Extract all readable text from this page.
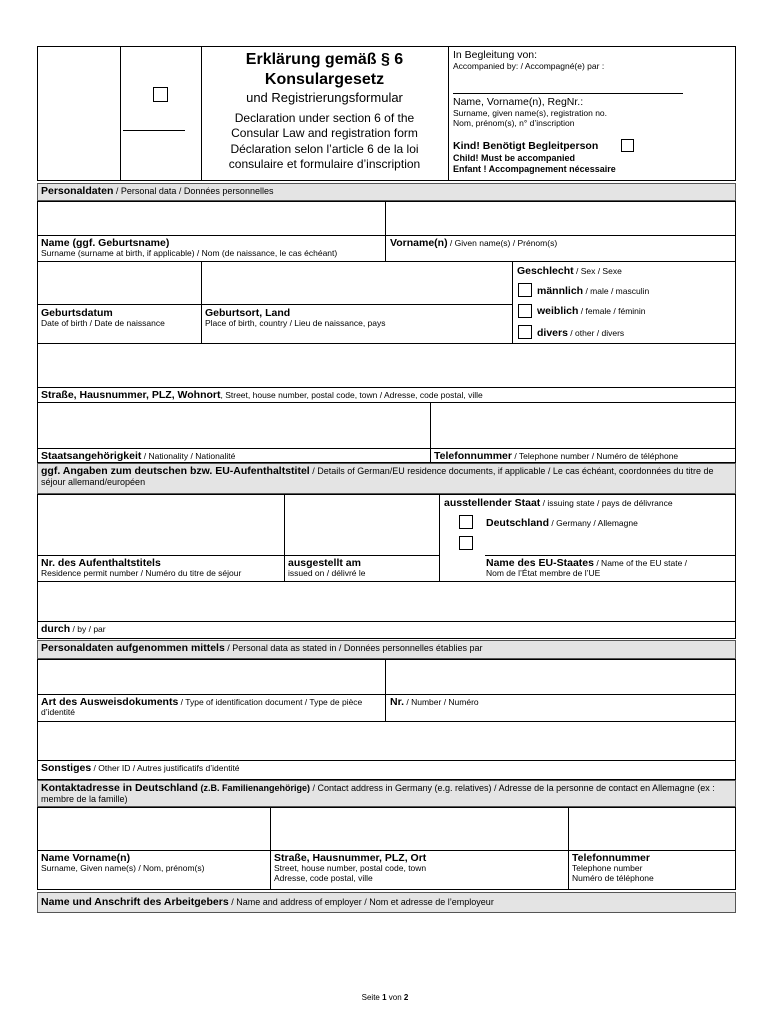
Erklärung gemäß § 6
Konsulargesetz
und Registrierungsformular
Declaration under section 6 of the
Consular Law and registration form
Déclaration selon l’article 6 de la loi
consulaire et formulaire d’inscription
In Begleitung von:
Accompanied by: / Accompagné(e) par :
Name, Vorname(n), RegNr.:
Surname, given name(s), registration no.
Nom, prénom(s), n° d’inscription
Kind! Benötigt Begleitperson
Child! Must be accompanied
Enfant ! Accompagnement nécessaire
Personaldaten / Personal data / Données personnelles
Name (ggf. Geburtsname)
Surname (surname at birth, if applicable) / Nom (de naissance, le cas échéant)
Vorname(n) / Given name(s) / Prénom(s)
Geburtsdatum
Date of birth / Date de naissance
Geburtsort, Land
Place of birth, country / Lieu de naissance, pays
Geschlecht / Sex / Sexe
männlich / male / masculin
weiblich / female / féminin
divers / other / divers
Straße, Hausnummer, PLZ, Wohnort, Street, house number, postal code, town / Adresse, code postal, ville
Staatsangehörigkeit / Nationality / Nationalité	Telefonnummer / Telephone number / Numéro de téléphone
ggf. Angaben zum deutschen bzw. EU-Aufenthaltstitel / Details of German/EU residence documents, if applicable / Le cas échéant, coordonnées du titre de séjour allemand/européen
Nr. des Aufenthaltstitels
Residence permit number / Numéro du titre de séjour
ausgestellt am
issued on / délivré le
ausstellender Staat / issuing state / pays de délivrance
Deutschland / Germany / Allemagne
Name des EU-Staates / Name of the EU state /
Nom de l’État membre de l’UE
durch / by / par
Personaldaten aufgenommen mittels / Personal data as stated in / Données personnelles établies par
Art des Ausweisdokuments / Type of identification document / Type de pièce d’identité
Nr. / Number / Numéro
Sonstiges / Other ID / Autres justificatifs d’identité
Kontaktadresse in Deutschland (z.B. Familienangehörige) / Contact address in Germany (e.g. relatives) / Adresse de la personne de contact en Allemagne (ex : membre de la famille)
Name Vorname(n)
Surname, Given name(s) / Nom, prénom(s)
Straße, Hausnummer, PLZ, Ort
Street, house number, postal code, town
Adresse, code postal, ville
Telefonnummer
Telephone number
Numéro de téléphone
Name und Anschrift des Arbeitgebers / Name and address of employer / Nom et adresse de l’employeur
Seite 1 von 2
